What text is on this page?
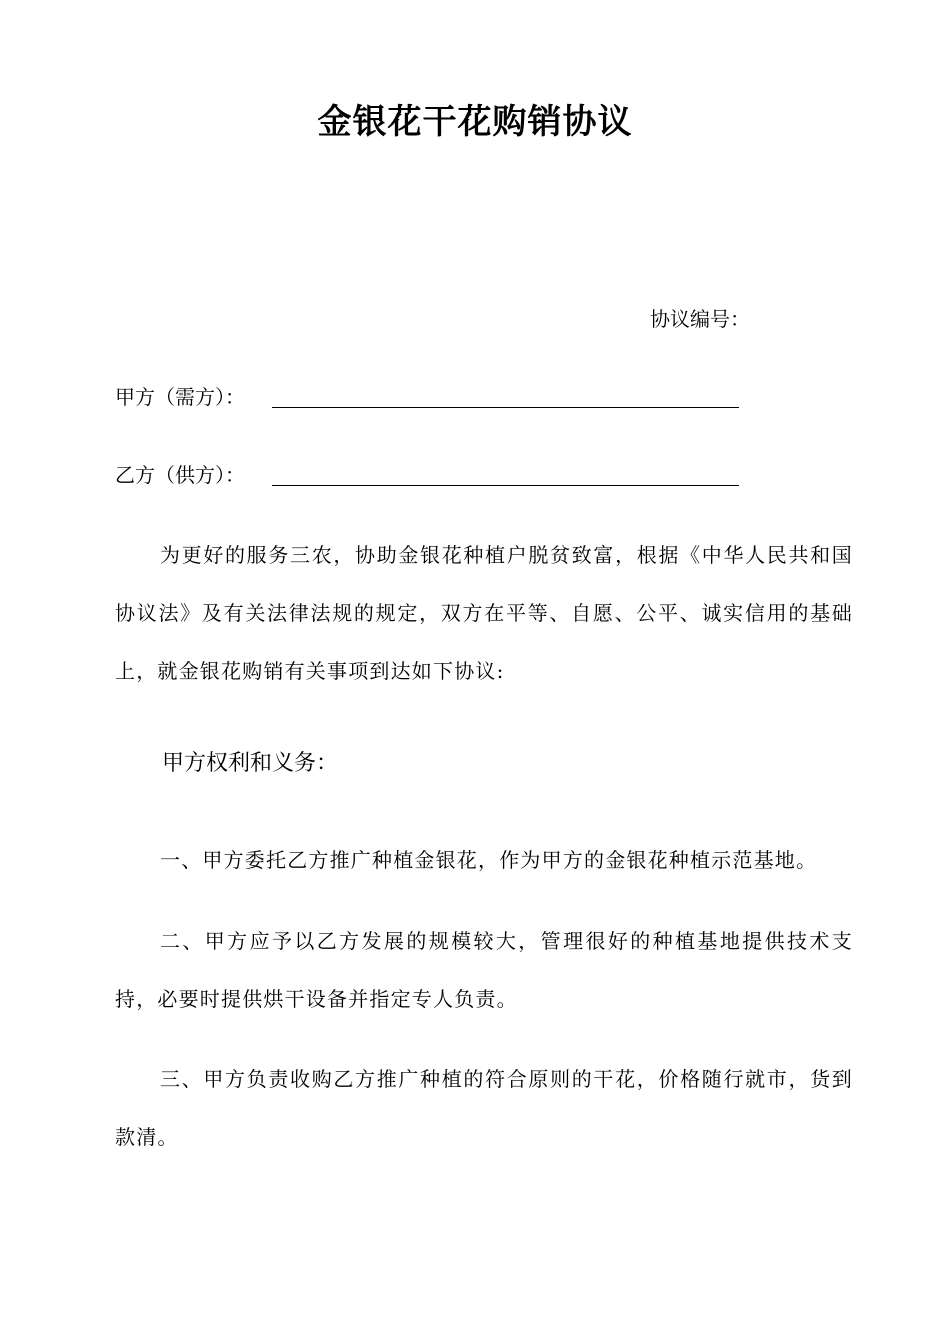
金银花干花购销协议
协议编号：
甲方（需方）：
乙方（供方）：

为更好的服务三农，协助金银花种植户脱贫致富，根据《中华人民共和国协议法》及有关法律法规的规定，双方在平等、自愿、公平、诚实信用的基础上，就金银花购销有关事项到达如下协议:

甲方权利和义务：

一、甲方委托乙方推广种植金银花，作为甲方的金银花种植示范基地。

二、甲方应予以乙方发展的规模较大，管理很好的种植基地提供技术支持，必要时提供烘干设备并指定专人负责。

三、甲方负责收购乙方推广种植的符合原则的干花，价格随行就市，货到款清。
